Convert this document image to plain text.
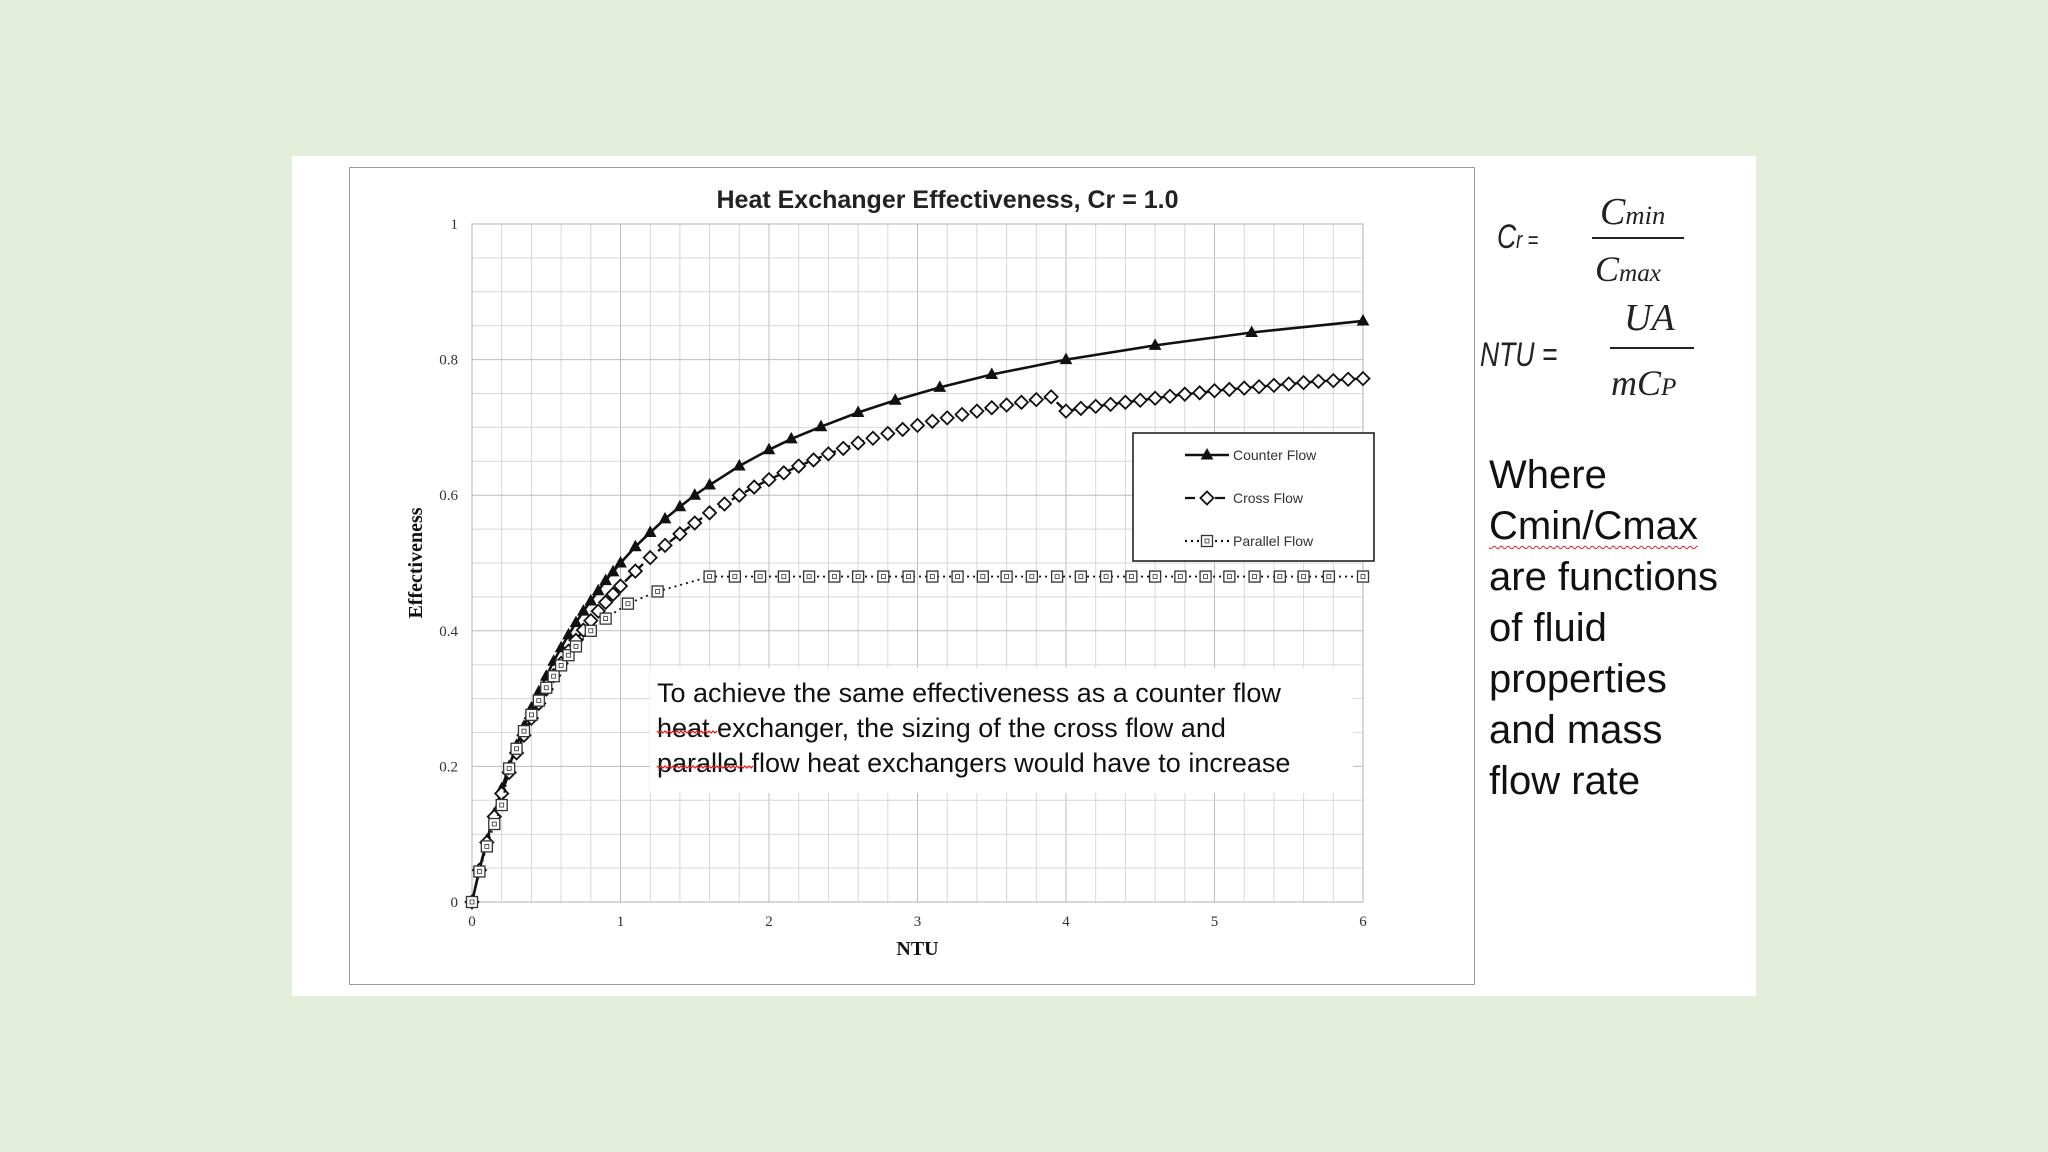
Heat Exchanger Effectiveness, Cr = 1.0
0	1	2	3	4	5	6
0
0.2
0.4
0.6
0.8
1
NTU
Effectiveness
Counter Flow
Cross Flow
Parallel Flow
To achieve the same effectiveness as a counter flow
heat exchanger, the sizing of the cross flow and
parallel flow heat exchangers would have to increase
Cr =
Cmin
Cmax
NTU =
UA
mCP
Where
Cmin/Cmax
are functions
of fluid
properties
and mass
flow rate
